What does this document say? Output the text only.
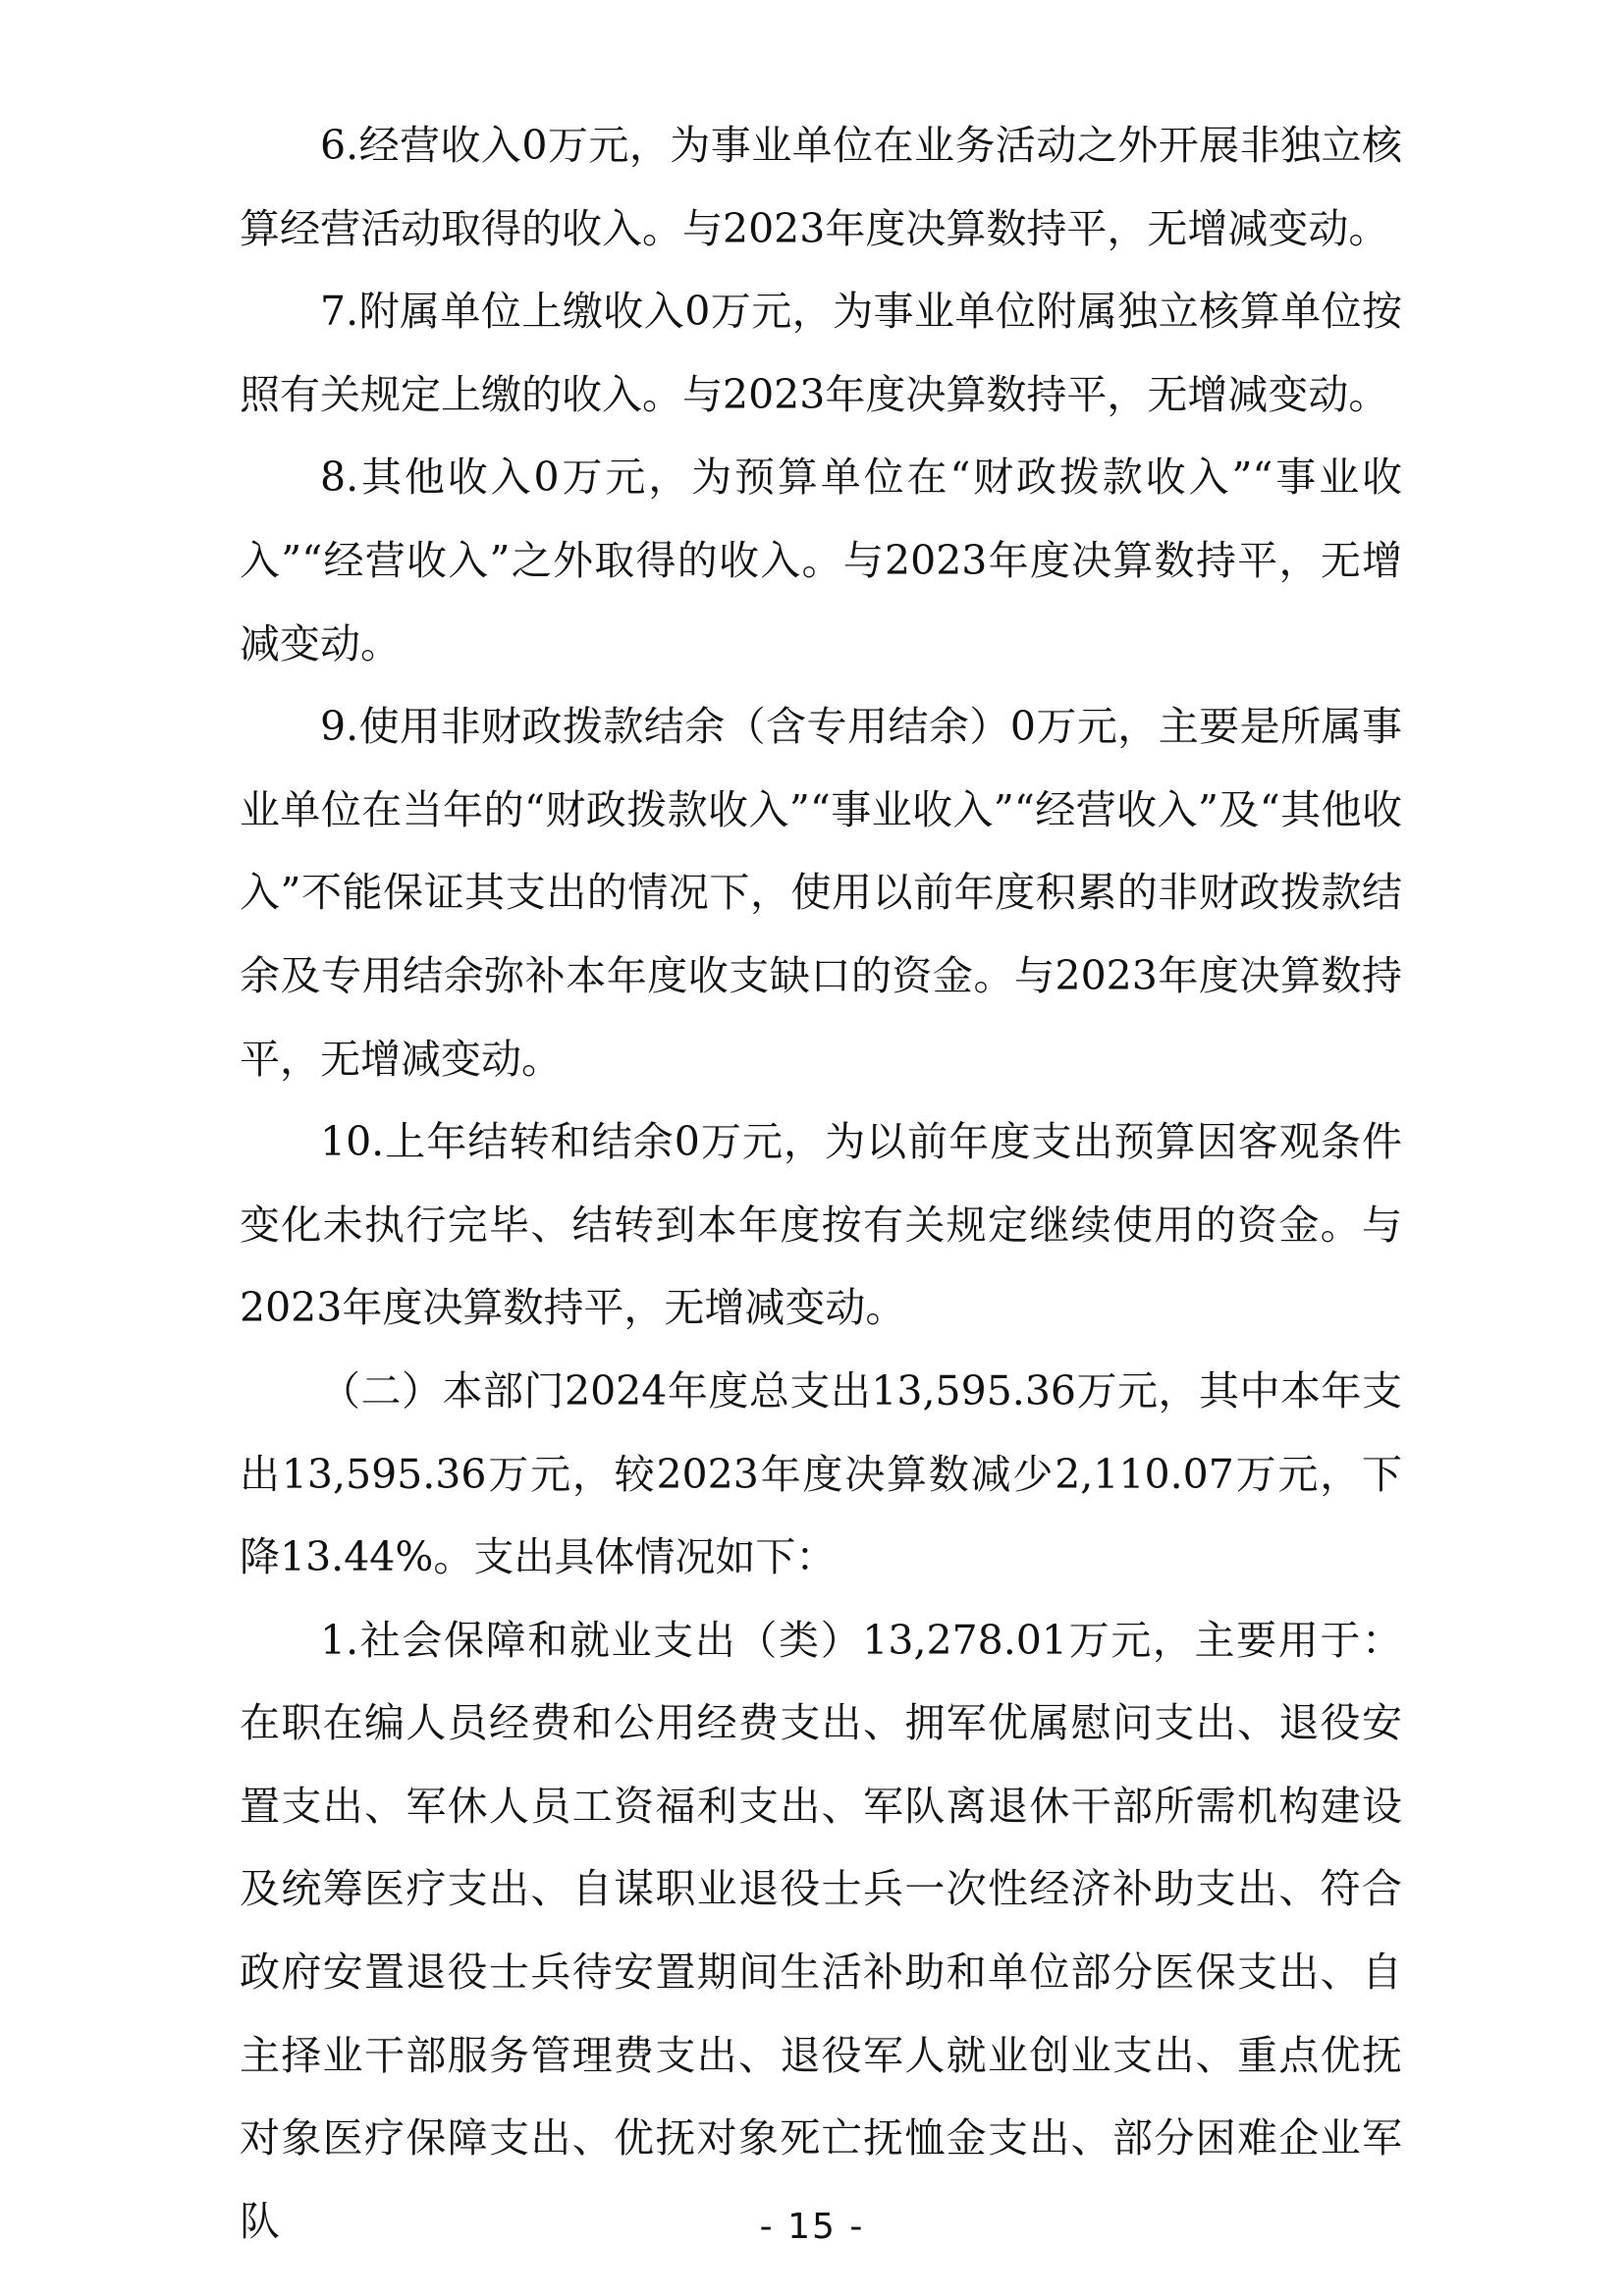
6.经营收入0万元，为事业单位在业务活动之外开展非独立核算经营活动取得的收入。与2023年度决算数持平，无增减变动。

7.附属单位上缴收入0万元，为事业单位附属独立核算单位按照有关规定上缴的收入。与2023年度决算数持平，无增减变动。

8.其他收入0万元，为预算单位在“财政拨款收入”“事业收入”“经营收入”之外取得的收入。与2023年度决算数持平，无增减变动。

9.使用非财政拨款结余（含专用结余）0万元，主要是所属事业单位在当年的“财政拨款收入”“事业收入”“经营收入”及“其他收入”不能保证其支出的情况下，使用以前年度积累的非财政拨款结余及专用结余弥补本年度收支缺口的资金。与2023年度决算数持平，无增减变动。

10.上年结转和结余0万元，为以前年度支出预算因客观条件变化未执行完毕、结转到本年度按有关规定继续使用的资金。与2023年度决算数持平，无增减变动。

（二）本部门2024年度总支出13,595.36万元，其中本年支出13,595.36万元，较2023年度决算数减少2,110.07万元，下降13.44%。支出具体情况如下：

1.社会保障和就业支出（类）13,278.01万元，主要用于：在职在编人员经费和公用经费支出、拥军优属慰问支出、退役安置支出、军休人员工资福利支出、军队离退休干部所需机构建设及统筹医疗支出、自谋职业退役士兵一次性经济补助支出、符合政府安置退役士兵待安置期间生活补助和单位部分医保支出、自主择业干部服务管理费支出、退役军人就业创业支出、重点优抚对象医疗保障支出、优抚对象死亡抚恤金支出、部分困难企业军队	- 15 -
